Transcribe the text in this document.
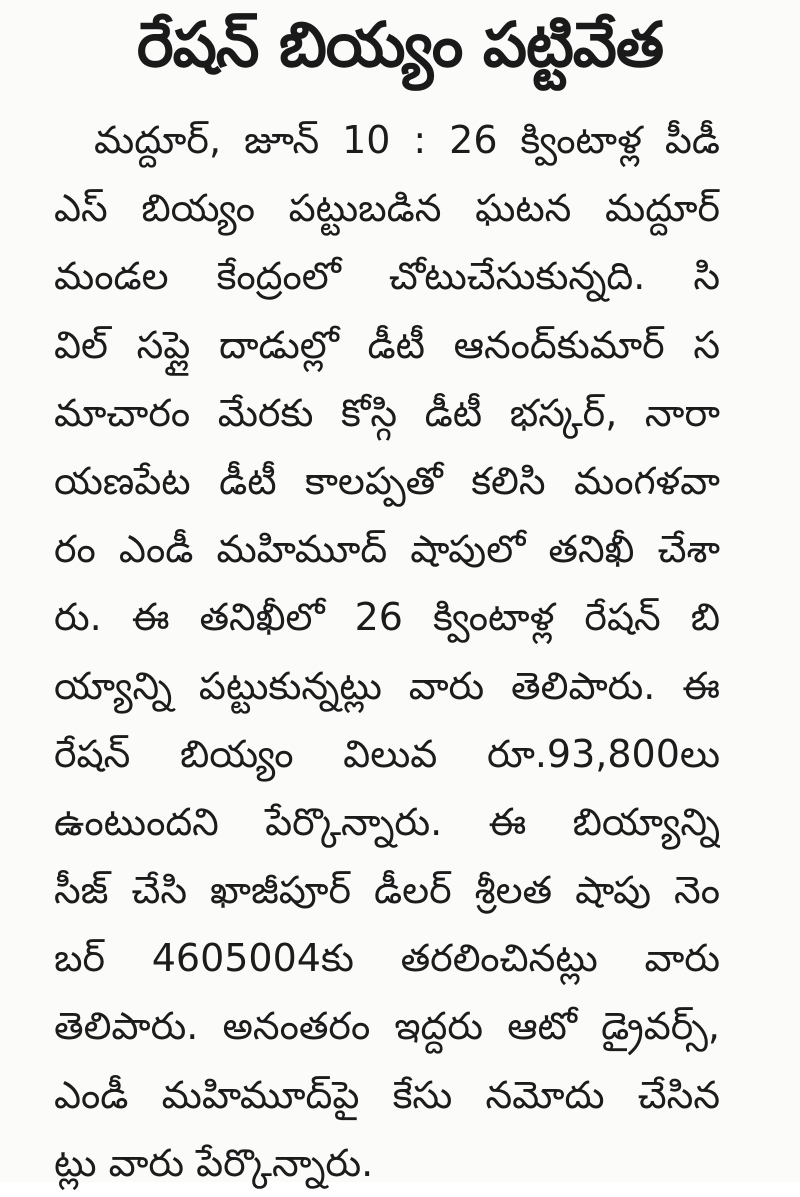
రేషన్ బియ్యం పట్టివేత
మద్దూర్, జూన్ 10 : 26 క్వింటాళ్ల పీడీ
ఎస్ బియ్యం పట్టుబడిన ఘటన మద్దూర్
మండల కేంద్రంలో చోటుచేసుకున్నది. సి
విల్ సప్లై దాడుల్లో డీటీ ఆనంద్‌కుమార్ స
మాచారం మేరకు కోస్గి డీటీ భస్కర్, నారా
యణపేట డీటీ కాలప్పతో కలిసి మంగళవా
రం ఎండీ మహిమూద్ షాపులో తనిఖీ చేశా
రు. ఈ తనిఖీలో 26 క్వింటాళ్ల రేషన్ బి
య్యాన్ని పట్టుకున్నట్లు వారు తెలిపారు. ఈ
రేషన్ బియ్యం విలువ రూ.93,800లు
ఉంటుందని పేర్కొన్నారు. ఈ బియ్యాన్ని
సీజ్ చేసి ఖాజీపూర్ డీలర్ శ్రీలత షాపు నెం
బర్ 4605004కు తరలించినట్లు వారు
తెలిపారు. అనంతరం ఇద్దరు ఆటో డ్రైవర్స్,
ఎండీ మహిమూద్‌పై కేసు నమోదు చేసిన
ట్లు వారు పేర్కొన్నారు.
